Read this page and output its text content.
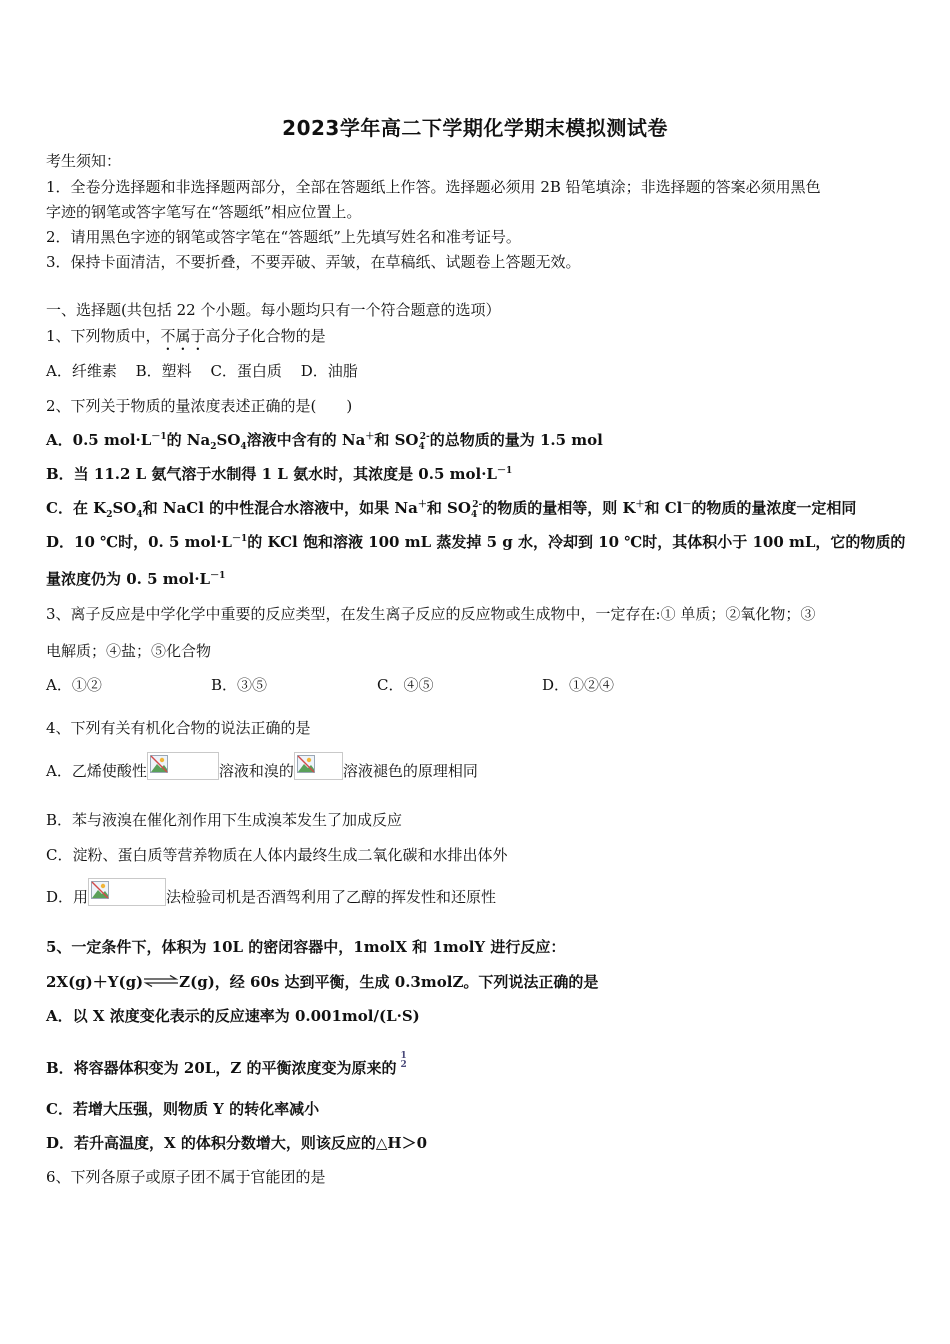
2023学年高二下学期化学期末模拟测试卷
考生须知：
1．全卷分选择题和非选择题两部分，全部在答题纸上作答。选择题必须用 2B 铅笔填涂；非选择题的答案必须用黑色
字迹的钢笔或答字笔写在“答题纸”相应位置上。
2．请用黑色字迹的钢笔或答字笔在“答题纸”上先填写姓名和准考证号。
3．保持卡面清洁，不要折叠，不要弄破、弄皱，在草稿纸、试题卷上答题无效。
一、选择题(共包括 22 个小题。每小题均只有一个符合题意的选项）
1、下列物质中，不属于高分子化合物的是
A．纤维素 B．塑料 C．蛋白质 D．油脂
2、下列关于物质的量浓度表述正确的是(　　)
A．0.5 $mol\cdot L^{-1}$的 $Na_2SO_4$溶液中含有的 Na＋和 $SO_4^{2-}$的总物质的量为 1.5 mol
B．当 11.2 L 氨气溶于水制得 1 L 氨水时，其浓度是 0.5 $mol\cdot L^{-1}$
C．在 $K_2SO_4$和 NaCl 的中性混合水溶液中，如果 Na＋和 $SO_4^{2-}$的物质的量相等，则 K＋和 Cl－的物质的量浓度一定相同
D．10 ℃时，0. 5 $mol\cdot L^{-1}$的 KCl 饱和溶液 100 mL 蒸发掉 5 g 水，冷却到 10 ℃时，其体积小于 100 mL，它的物质的
量浓度仍为 0. 5 $mol\cdot L^{-1}$
3、离子反应是中学化学中重要的反应类型，在发生离子反应的反应物或生成物中，一定存在:① 单质；②氧化物；③
电解质；④盐；⑤化合物
A．①②	B．③⑤	C．④⑤	D．①②④
4、下列有关有机化合物的说法正确的是
A．乙烯使酸性	溶液和溴的	溶液褪色的原理相同
B．苯与液溴在催化剂作用下生成溴苯发生了加成反应
C．淀粉、蛋白质等营养物质在人体内最终生成二氧化碳和水排出体外
D．用	法检验司机是否酒驾利用了乙醇的挥发性和还原性
5、一定条件下，体积为 10L 的密闭容器中，1molX 和 1molY 进行反应：
2X(g)＋Y(g)⇌Z(g)，经 60s 达到平衡，生成 0.3molZ。下列说法正确的是
A．以 X 浓度变化表示的反应速率为 0.001mol/(L·S)
B．将容器体积变为 20L，Z 的平衡浓度变为原来的
1
2
C．若增大压强，则物质 Y 的转化率减小
D．若升高温度，X 的体积分数增大，则该反应的△H＞0
6、下列各原子或原子团不属于官能团的是
